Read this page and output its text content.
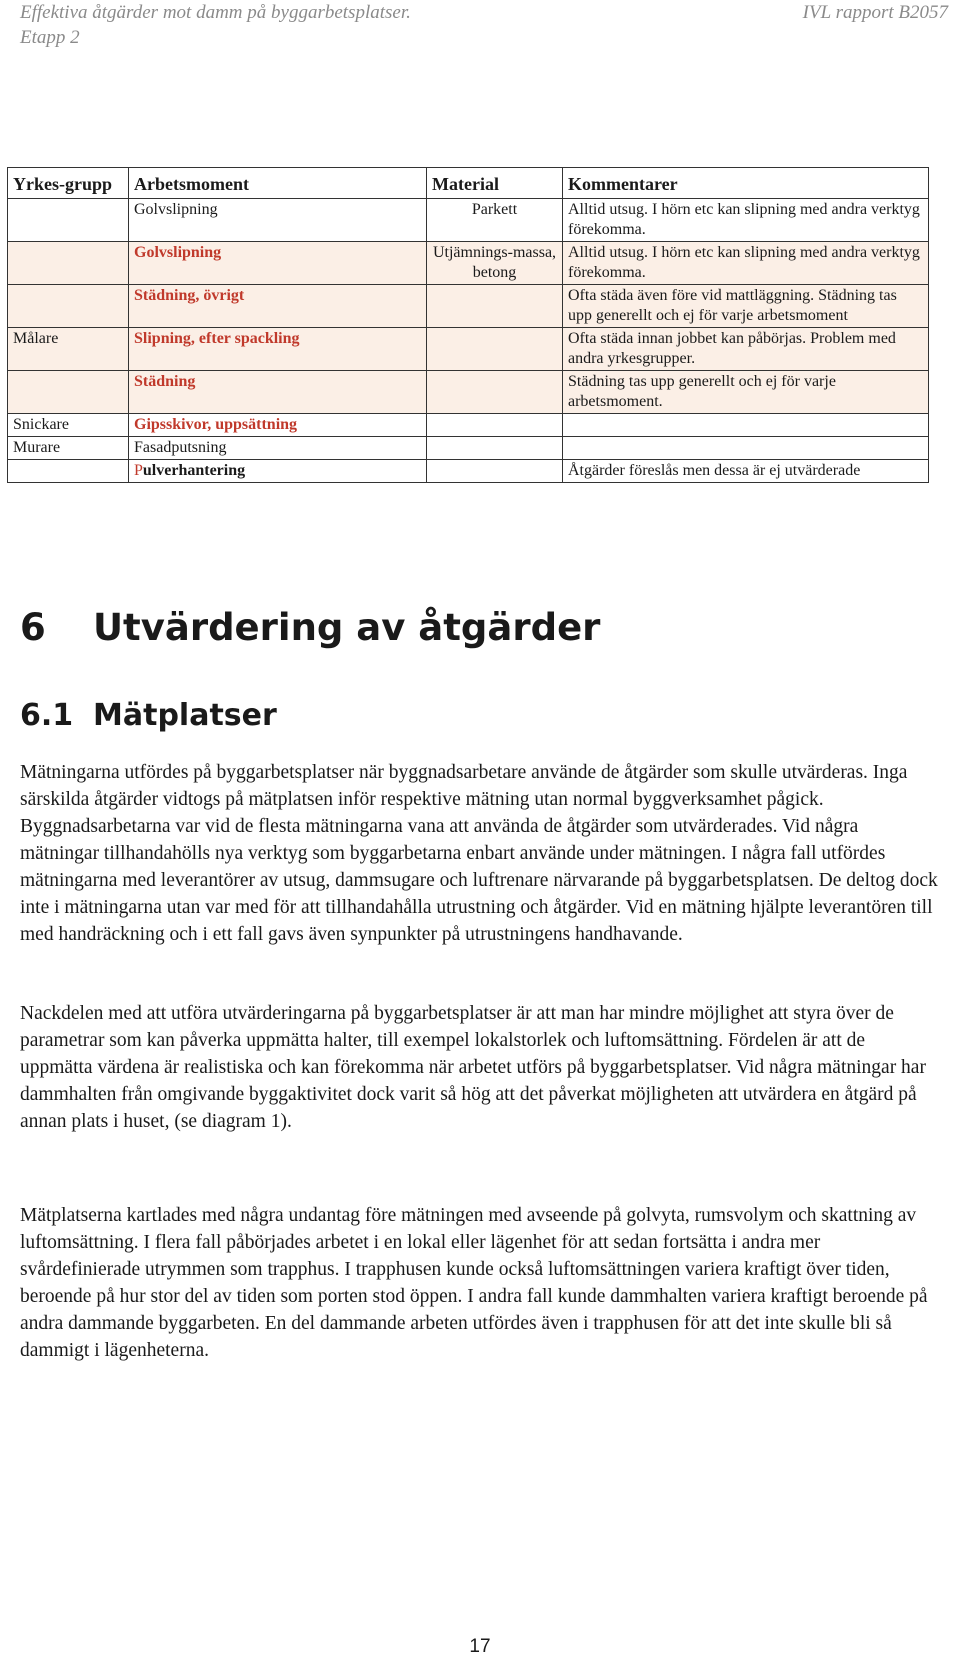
Effektiva åtgärder mot damm på byggarbetsplatser.
Etapp 2
IVL rapport B2057
Yrkes-grupp	Arbetsmoment	Material	Kommentarer
	Golvslipning	Parkett	Alltid utsug. I hörn etc kan slipning med andra verktyg förekomma.
	Golvslipning	Utjämnings-massa, betong	Alltid utsug. I hörn etc kan slipning med andra verktyg förekomma.
	Städning, övrigt		Ofta städa även före vid mattläggning. Städning tas upp generellt och ej för varje arbetsmoment
Målare	Slipning, efter spackling		Ofta städa innan jobbet kan påbörjas. Problem med andra yrkesgrupper.
	Städning		Städning tas upp generellt och ej för varje arbetsmoment.
Snickare	Gipsskivor, uppsättning		
Murare	Fasadputsning		
	Pulverhantering		Åtgärder föreslås men dessa är ej utvärderade
6 Utvärdering av åtgärder
6.1 Mätplatser

Mätningarna utfördes på byggarbetsplatser när byggnadsarbetare använde de åtgärder som skulle utvärderas. Inga särskilda åtgärder vidtogs på mätplatsen inför respektive mätning utan normal byggverksamhet pågick. Byggnadsarbetarna var vid de flesta mätningarna vana att använda de åtgärder som utvärderades. Vid några mätningar tillhandahölls nya verktyg som byggarbetarna enbart använde under mätningen. I några fall utfördes mätningarna med leverantörer av utsug, dammsugare och luftrenare närvarande på byggarbetsplatsen. De deltog dock inte i mätningarna utan var med för att tillhandahålla utrustning och åtgärder. Vid en mätning hjälpte leverantören till med handräckning och i ett fall gavs även synpunkter på utrustningens handhavande.

Nackdelen med att utföra utvärderingarna på byggarbetsplatser är att man har mindre möjlighet att styra över de parametrar som kan påverka uppmätta halter, till exempel lokalstorlek och luftomsättning. Fördelen är att de uppmätta värdena är realistiska och kan förekomma när arbetet utförs på byggarbetsplatser. Vid några mätningar har dammhalten från omgivande byggaktivitet dock varit så hög att det påverkat möjligheten att utvärdera en åtgärd på annan plats i huset, (se diagram 1).

Mätplatserna kartlades med några undantag före mätningen med avseende på golvyta, rumsvolym och skattning av luftomsättning. I flera fall påbörjades arbetet i en lokal eller lägenhet för att sedan fortsätta i andra mer svårdefinierade utrymmen som trapphus. I trapphusen kunde också luftomsättningen variera kraftigt över tiden, beroende på hur stor del av tiden som porten stod öppen. I andra fall kunde dammhalten variera kraftigt beroende på andra dammande byggarbeten. En del dammande arbeten utfördes även i trapphusen för att det inte skulle bli så dammigt i lägenheterna.

17
